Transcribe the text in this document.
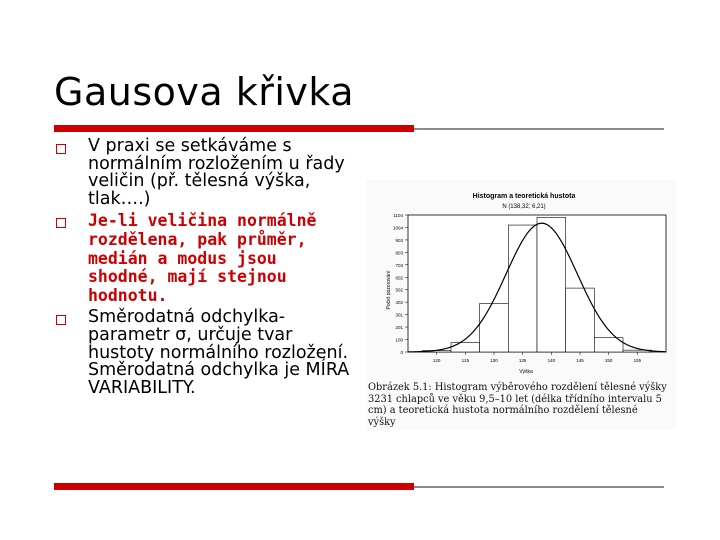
Gausova křivka
V praxi se setkáváme s normálním rozložením u řady veličin (př. tělesná výška, tlak….)
Je-li veličina normálně rozdělena, pak průměr, medián a modus jsou shodné, mají stejnou hodnotu.
Směrodatná odchylka- parametr σ, určuje tvar hustoty normálního rozložení. Směrodatná odchylka je MÍRA VARIABILITY.
Histogram a teoretická hustota
N (138,32; 6,21)
Počet pozorování
Výška
0
100
201
301
402
502
602
703
803
903
1004
1104
120	125	130	135	140	145	150	155
Obrázek 5.1: Histogram výběrového rozdělení tělesné výšky 3231 chlapců ve věku 9,5–10 let (délka třídního intervalu 5 cm) a teoretická hustota normálního rozdělení tělesné výšky
